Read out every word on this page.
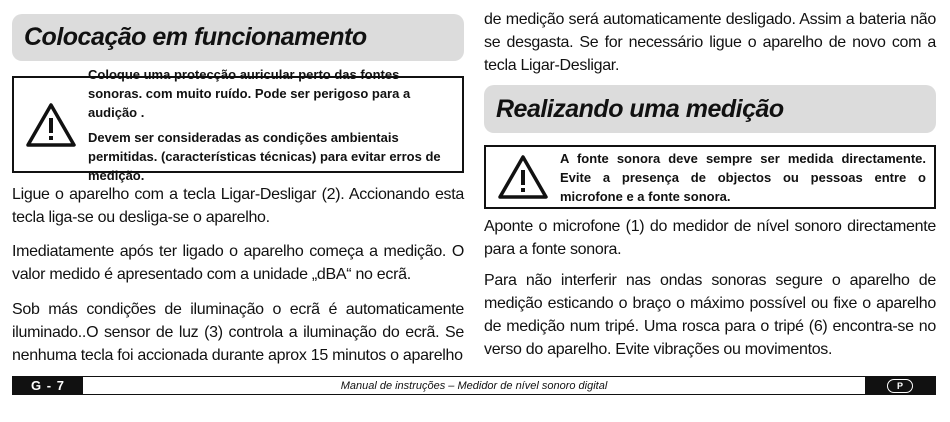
Colocação em funcionamento

Coloque uma protecção auricular perto das fontes sonoras. com muito ruído. Pode ser perigoso para a audição .

Devem ser consideradas as condições ambientais permitidas. (características técnicas) para evitar erros de medição.

Ligue o aparelho com a tecla Ligar-Desligar (2). Accionando esta tecla liga-se ou desliga-se o aparelho.

Imediatamente após ter ligado o aparelho começa a medição. O valor medido é apresentado com a unidade „dBA“ no ecrã.

Sob más condições de iluminação o ecrã é automaticamente iluminado..O sensor de luz (3) controla a iluminação do ecrã. Se nenhuma tecla foi accionada durante aprox 15 minutos o aparelho

de medição será automaticamente desligado. Assim a bateria não se desgasta. Se for necessário ligue o aparelho de novo com a tecla Ligar-Desligar.

Realizando uma medição
A fonte sonora deve sempre ser medida directamente. Evite a presença de objectos ou pessoas entre o microfone e a fonte sonora.

Aponte o microfone (1) do medidor de nível sonoro directamente para a fonte sonora.

Para não interferir nas ondas sonoras segure o aparelho de medição esticando o braço o máximo possível ou fixe o aparelho de medição num tripé. Uma rosca para o tripé (6) encontra-se no verso do aparelho. Evite vibrações ou movimentos.

G - 7	Manual de instruções – Medidor de nível sonoro digital	P
